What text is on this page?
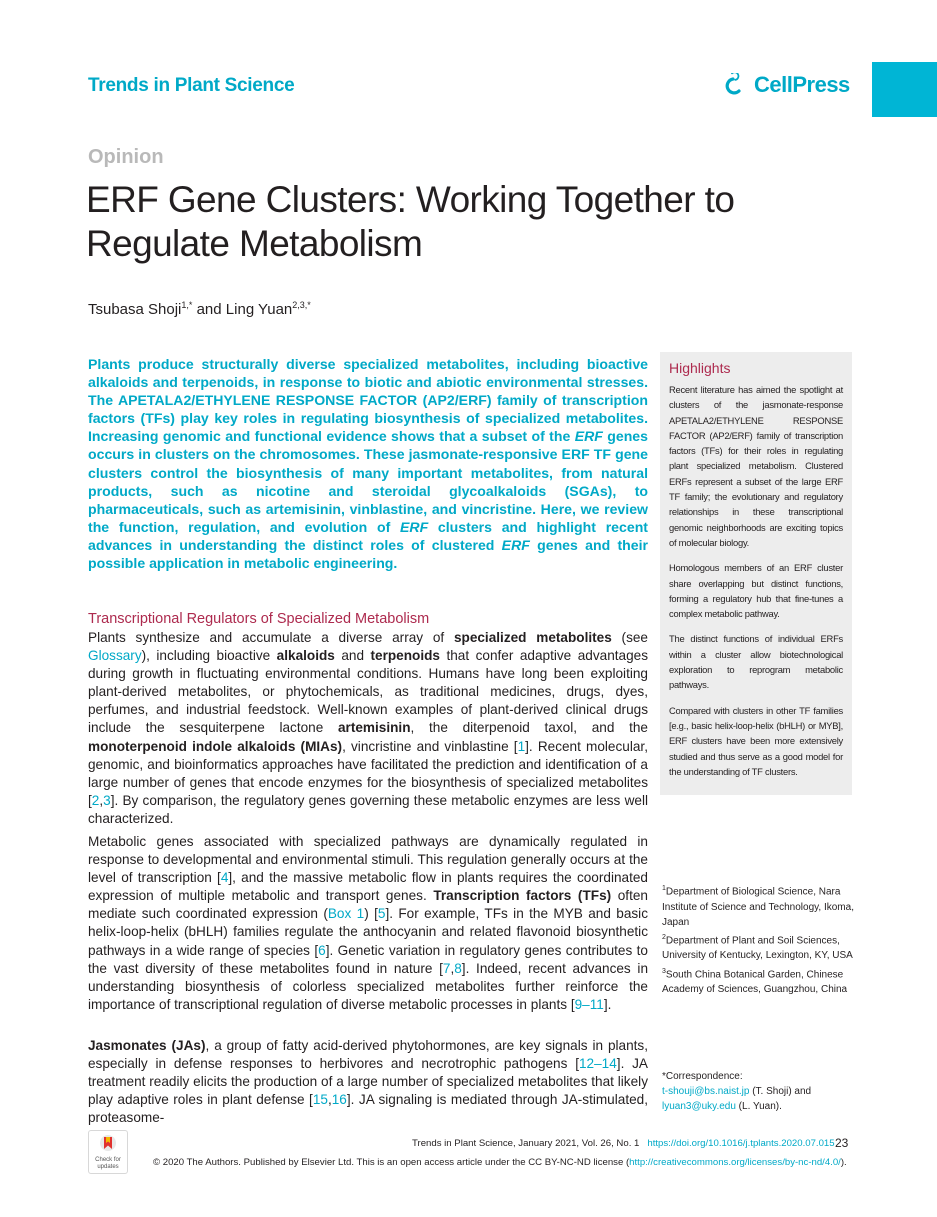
Trends in Plant Science	CellPress
Opinion
ERF Gene Clusters: Working Together to
Regulate Metabolism
Tsubasa Shoji$^{1,*}$ and Ling Yuan$^{2,3,*}$
Plants produce structurally diverse specialized metabolites, including bioactive alkaloids and terpenoids, in response to biotic and abiotic environmental stresses. The APETALA2/ETHYLENE RESPONSE FACTOR (AP2/ERF) family of transcription factors (TFs) play key roles in regulating biosynthesis of specialized metabolites. Increasing genomic and functional evidence shows that a subset of the ERF genes occurs in clusters on the chromosomes. These jasmonate-responsive ERF TF gene clusters control the biosynthesis of many important metabolites, from natural products, such as nicotine and steroidal glycoalkaloids (SGAs), to pharmaceuticals, such as artemisinin, vinblastine, and vincristine. Here, we review the function, regulation, and evolution of ERF clusters and highlight recent advances in understanding the distinct roles of clustered ERF genes and their possible application in metabolic engineering.
Transcriptional Regulators of Specialized Metabolism
Plants synthesize and accumulate a diverse array of specialized metabolites (see Glossary), including bioactive alkaloids and terpenoids that confer adaptive advantages during growth in fluctuating environmental conditions. Humans have long been exploiting plant-derived metabolites, or phytochemicals, as traditional medicines, drugs, dyes, perfumes, and industrial feedstock. Well-known examples of plant-derived clinical drugs include the sesquiterpene lactone artemisinin, the diterpenoid taxol, and the monoterpenoid indole alkaloids (MIAs), vincristine and vinblastine [1]. Recent molecular, genomic, and bioinformatics approaches have facilitated the prediction and identification of a large number of genes that encode enzymes for the biosynthesis of specialized metabolites [2,3]. By comparison, the regulatory genes governing these metabolic enzymes are less well characterized.
Metabolic genes associated with specialized pathways are dynamically regulated in response to developmental and environmental stimuli. This regulation generally occurs at the level of transcription [4], and the massive metabolic flow in plants requires the coordinated expression of multiple metabolic and transport genes. Transcription factors (TFs) often mediate such coordinated expression (Box 1) [5]. For example, TFs in the MYB and basic helix-loop-helix (bHLH) families regulate the anthocyanin and related flavonoid biosynthetic pathways in a wide range of species [6]. Genetic variation in regulatory genes contributes to the vast diversity of these metabolites found in nature [7,8]. Indeed, recent advances in understanding biosynthesis of colorless specialized metabolites further reinforce the importance of transcriptional regulation of diverse metabolic processes in plants [9–11].
Jasmonates (JAs), a group of fatty acid-derived phytohormones, are key signals in plants, especially in defense responses to herbivores and necrotrophic pathogens [12–14]. JA treatment readily elicits the production of a large number of specialized metabolites that likely play adaptive roles in plant defense [15,16]. JA signaling is mediated through JA-stimulated, proteasome-
Highlights

Recent literature has aimed the spotlight at clusters of the jasmonate-response APETALA2/ETHYLENE RESPONSE FACTOR (AP2/ERF) family of transcription factors (TFs) for their roles in regulating plant specialized metabolism. Clustered ERFs represent a subset of the large ERF TF family; the evolutionary and regulatory relationships in these transcriptional genomic neighborhoods are exciting topics of molecular biology.

Homologous members of an ERF cluster share overlapping but distinct functions, forming a regulatory hub that fine-tunes a complex metabolic pathway.

The distinct functions of individual ERFs within a cluster allow biotechnological exploration to reprogram metabolic pathways.

Compared with clusters in other TF families [e.g., basic helix-loop-helix (bHLH) or MYB], ERF clusters have been more extensively studied and thus serve as a good model for the understanding of TF clusters.

$^1$Department of Biological Science, Nara Institute of Science and Technology, Ikoma, Japan
$^2$Department of Plant and Soil Sciences, University of Kentucky, Lexington, KY, USA
$^3$South China Botanical Garden, Chinese Academy of Sciences, Guangzhou, China
*Correspondence:
t-shouji@bs.naist.jp (T. Shoji) and
lyuan3@uky.edu (L. Yuan).
Check for updates
Trends in Plant Science, January 2021, Vol. 26, No. 1 https://doi.org/10.1016/j.tplants.2020.07.015 23
© 2020 The Authors. Published by Elsevier Ltd. This is an open access article under the CC BY-NC-ND license (http://creativecommons.org/licenses/by-nc-nd/4.0/).
